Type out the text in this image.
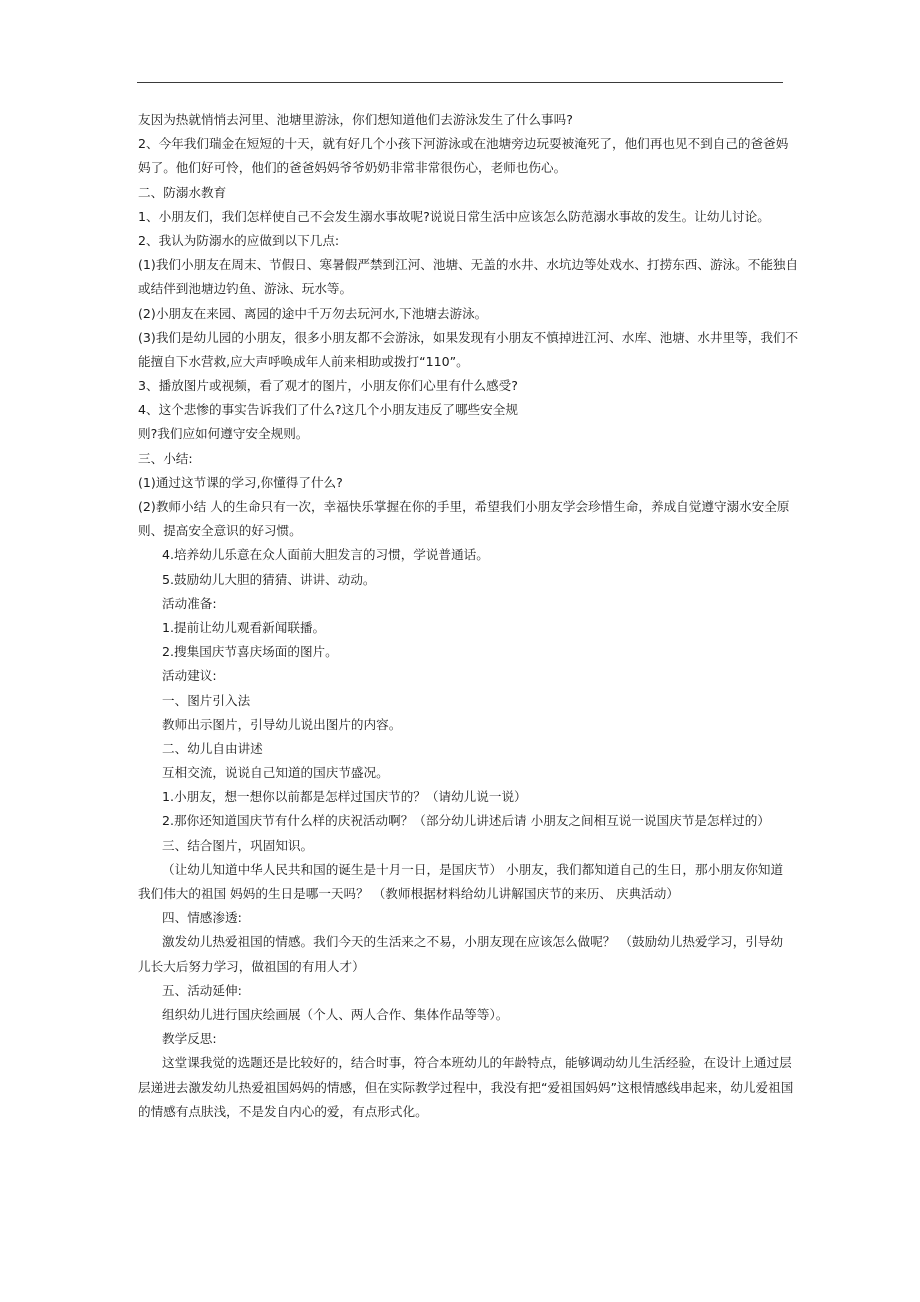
友因为热就悄悄去河里、池塘里游泳，你们想知道他们去游泳发生了什么事吗?
2、今年我们瑞金在短短的十天，就有好几个小孩下河游泳或在池塘旁边玩耍被淹死了，他们再也见不到自己的爸爸妈
妈了。他们好可怜，他们的爸爸妈妈爷爷奶奶非常非常很伤心，老师也伤心。
二、防溺水教育
1、小朋友们，我们怎样使自己不会发生溺水事故呢?说说日常生活中应该怎么防范溺水事故的发生。让幼儿讨论。
2、我认为防溺水的应做到以下几点:
(1)我们小朋友在周末、节假日、寒暑假严禁到江河、池塘、无盖的水井、水坑边等处戏水、打捞东西、游泳。不能独自
或结伴到池塘边钓鱼、游泳、玩水等。
(2)小朋友在来园、离园的途中千万勿去玩河水,下池塘去游泳。
(3)我们是幼儿园的小朋友，很多小朋友都不会游泳，如果发现有小朋友不慎掉进江河、水库、池塘、水井里等，我们不
能擅自下水营救,应大声呼唤成年人前来相助或拨打“110”。
3、播放图片或视频，看了观才的图片，小朋友你们心里有什么感受?
4、这个悲惨的事实告诉我们了什么?这几个小朋友违反了哪些安全规
则?我们应如何遵守安全规则。
三、小结:
(1)通过这节课的学习,你懂得了什么?
(2)教师小结 人的生命只有一次，幸福快乐掌握在你的手里，希望我们小朋友学会珍惜生命，养成自觉遵守溺水安全原
则、提高安全意识的好习惯。
4.培养幼儿乐意在众人面前大胆发言的习惯，学说普通话。
5.鼓励幼儿大胆的猜猜、讲讲、动动。
活动准备:
1.提前让幼儿观看新闻联播。
2.搜集国庆节喜庆场面的图片。
活动建议:
一、图片引入法
教师出示图片，引导幼儿说出图片的内容。
二、幼儿自由讲述
互相交流，说说自己知道的国庆节盛况。
1.小朋友，想一想你以前都是怎样过国庆节的？（请幼儿说一说）
2.那你还知道国庆节有什么样的庆祝活动啊？（部分幼儿讲述后请 小朋友之间相互说一说国庆节是怎样过的）
三、结合图片，巩固知识。
（让幼儿知道中华人民共和国的诞生是十月一日，是国庆节） 小朋友，我们都知道自己的生日，那小朋友你知道
我们伟大的祖国 妈妈的生日是哪一天吗？ （教师根据材料给幼儿讲解国庆节的来历、 庆典活动）
四、情感渗透:
激发幼儿热爱祖国的情感。我们今天的生活来之不易，小朋友现在应该怎么做呢？ （鼓励幼儿热爱学习，引导幼
儿长大后努力学习，做祖国的有用人才）
五、活动延伸:
组织幼儿进行国庆绘画展（个人、两人合作、集体作品等等）。
教学反思:
这堂课我觉的选题还是比较好的，结合时事，符合本班幼儿的年龄特点，能够调动幼儿生活经验，在设计上通过层
层递进去激发幼儿热爱祖国妈妈的情感，但在实际教学过程中，我没有把“爱祖国妈妈”这根情感线串起来，幼儿爱祖国
的情感有点肤浅，不是发自内心的爱，有点形式化。
